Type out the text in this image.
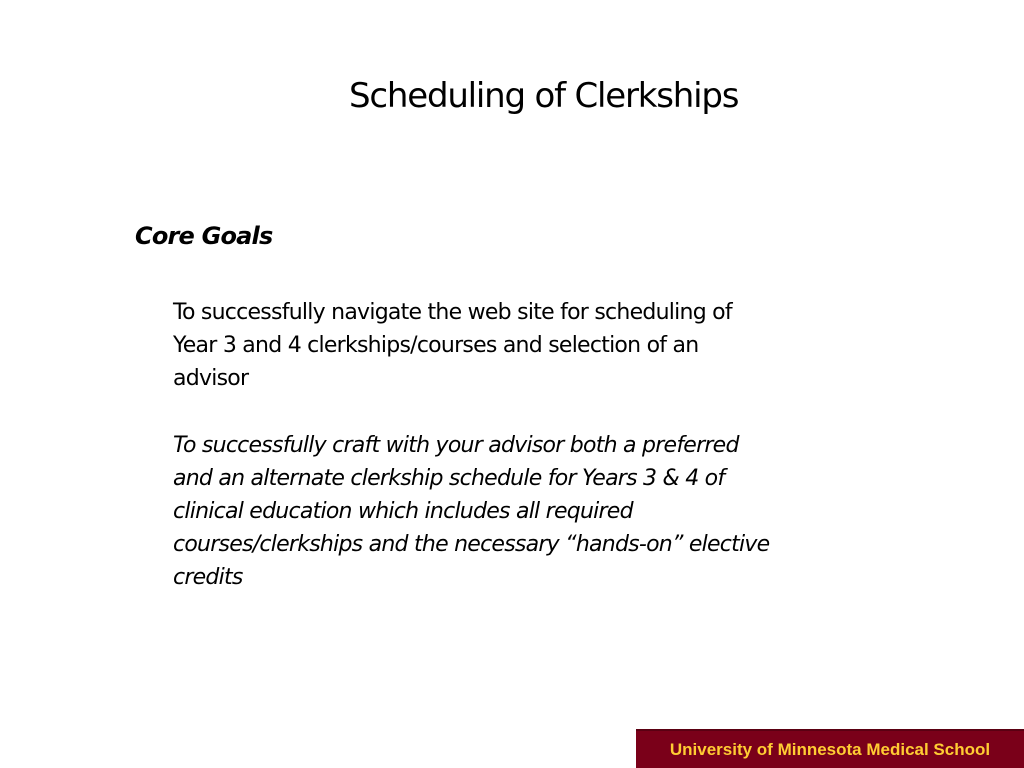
Scheduling of Clerkships
Core Goals
To successfully navigate the web site for scheduling of
Year 3 and 4 clerkships/courses and selection of an
advisor
To successfully craft with your advisor both a preferred
and an alternate clerkship schedule for Years 3 & 4 of
clinical education which includes all required
courses/clerkships and the necessary “hands-on” elective
credits
University of Minnesota Medical School
